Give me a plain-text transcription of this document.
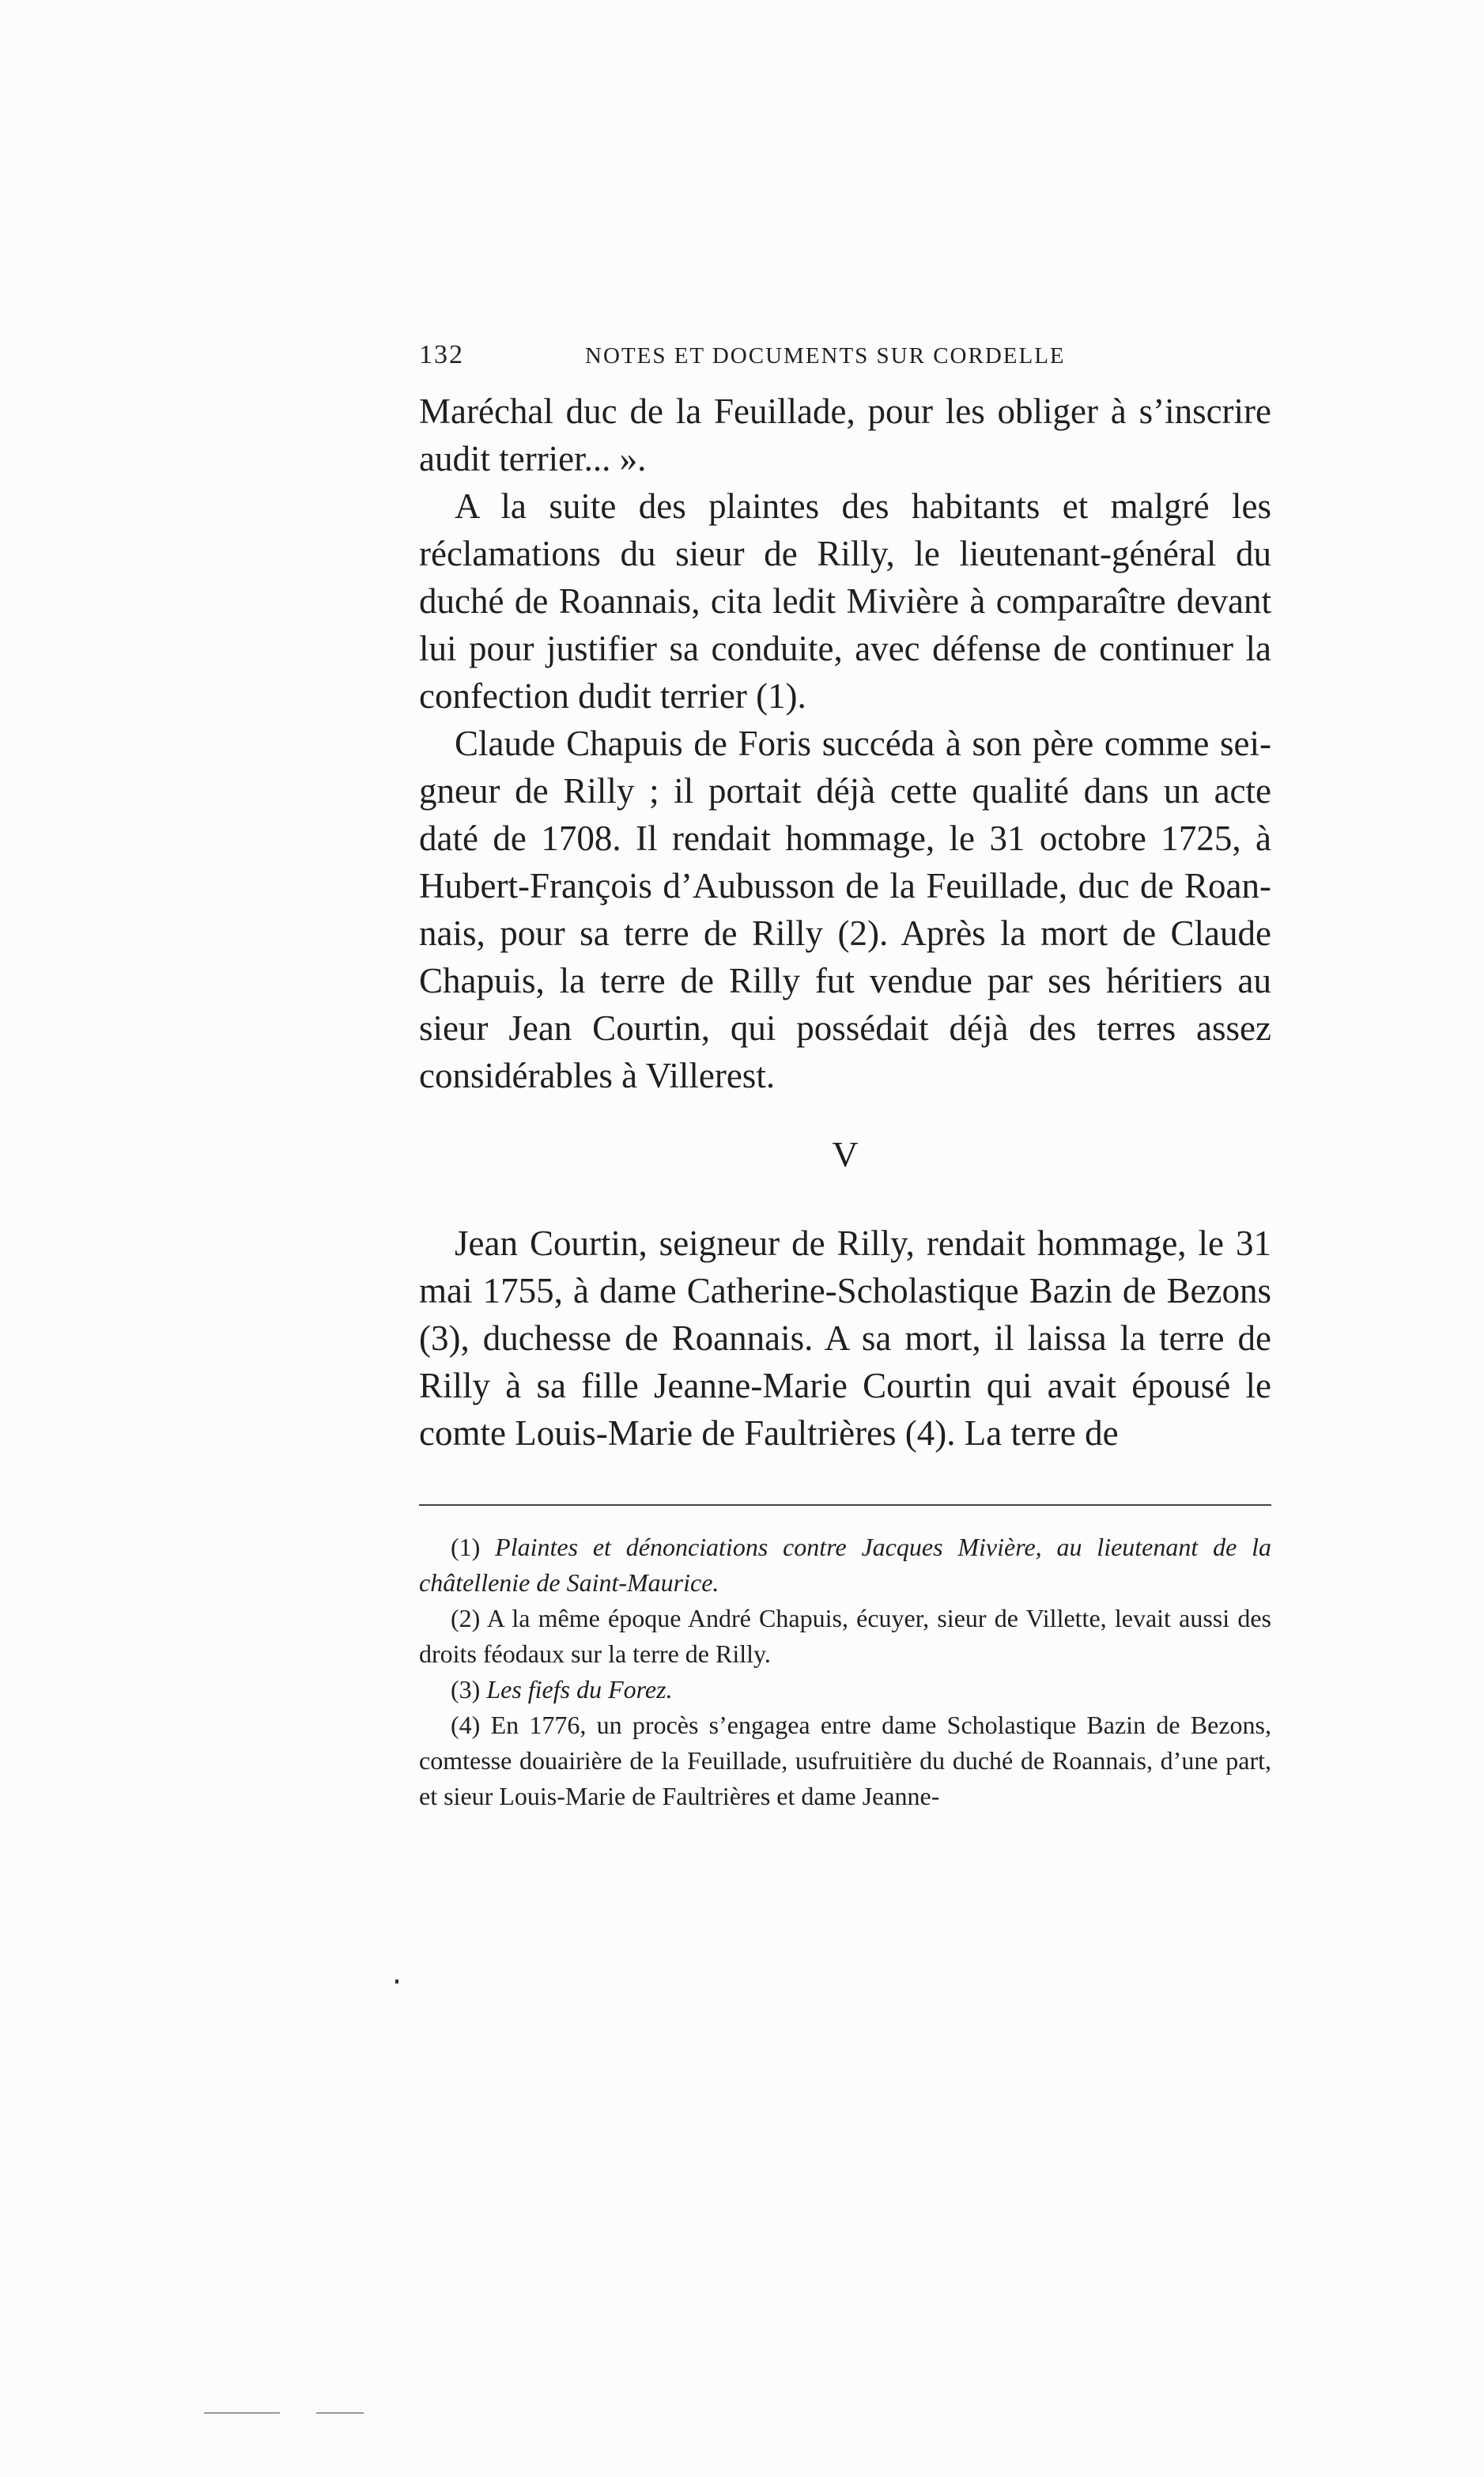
132	NOTES ET DOCUMENTS SUR CORDELLE

Maréchal duc de la Feuillade, pour les obliger à s’inscrire audit terrier... ».

A la suite des plaintes des habitants et malgré les réclamations du sieur de Rilly, le lieutenant-général du duché de Roannais, cita ledit Mivière à comparaître devant lui pour justifier sa conduite, avec défense de continuer la confection dudit terrier (1).

Claude Chapuis de Foris succéda à son père comme sei-gneur de Rilly ; il portait déjà cette qualité dans un acte daté de 1708. Il rendait hommage, le 31 octobre 1725, à Hubert-François d’Aubusson de la Feuillade, duc de Roan-nais, pour sa terre de Rilly (2). Après la mort de Claude Chapuis, la terre de Rilly fut vendue par ses héritiers au sieur Jean Courtin, qui possédait déjà des terres assez considérables à Villerest.

V

Jean Courtin, seigneur de Rilly, rendait hommage, le 31 mai 1755, à dame Catherine-Scholastique Bazin de Bezons (3), duchesse de Roannais. A sa mort, il laissa la terre de Rilly à sa fille Jeanne-Marie Courtin qui avait épousé le comte Louis-Marie de Faultrières (4). La terre de

(1) Plaintes et dénonciations contre Jacques Mivière, au lieutenant de la châtellenie de Saint-Maurice.

(2) A la même époque André Chapuis, écuyer, sieur de Villette, levait aussi des droits féodaux sur la terre de Rilly.

(3) Les fiefs du Forez.

(4) En 1776, un procès s’engagea entre dame Scholastique Bazin de Bezons, comtesse douairière de la Feuillade, usufruitière du duché de Roannais, d’une part, et sieur Louis-Marie de Faultrières et dame Jeanne-
